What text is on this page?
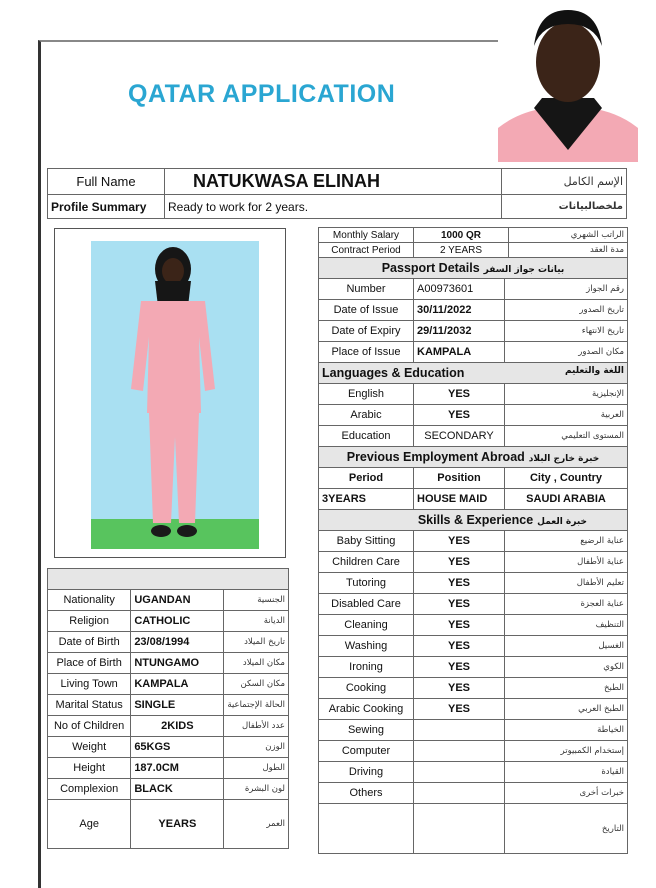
QATAR APPLICATION
Full Name	NATUKWASA ELINAH	الإسم الكامل
Profile Summary	Ready to work for 2 years.	ملخصالبيانات
Monthly Salary	1000 QR	الراتب الشهري
Contract Period	2 YEARS	مدة العقد
Passport Details بيانات جواز السفر		
Number	A00973601	رقم الجواز
Date of Issue	30/11/2022	تاريخ الصدور
Date of Expiry	29/11/2032	تاريخ الانتهاء
Place of Issue	KAMPALA	مكان الصدور
Languages & Education اللغة والتعليم		

English	YES	الإنجليزية
Arabic	YES	العربية
Education	SECONDARY	المستوى التعليمي
Previous Employment Abroad خبرة خارج البلاد		
Period	Position	City , Country
3YEARS	HOUSE MAID	SAUDI ARABIA
Skills & Experience خبرة العمل		
Baby Sitting	YES	عناية الرضيع
Children Care	YES	عناية الأطفال
Tutoring	YES	تعليم الأطفال
Disabled Care	YES	عناية العجزة
Cleaning	YES	التنظيف
Washing	YES	الغسيل
Ironing	YES	الكوي
Cooking	YES	الطبخ
Arabic Cooking	YES	الطبخ العربي
Sewing		الخياطة
Computer		إستخدام الكمبيوتر
Driving		القيادة
Others		خبرات أخرى
		التاريخ

Nationality	UGANDAN	الجنسية
Religion	CATHOLIC	الديانة
Date of Birth	23/08/1994	تاريخ الميلاد
Place of Birth	NTUNGAMO	مكان الميلاد
Living Town	KAMPALA	مكان السكن
Marital Status	SINGLE	الحالة الإجتماعية
No of Children	2KIDS	عدد الأطفال
Weight	65KGS	الوزن
Height	187.0CM	الطول
Complexion	BLACK	لون البشرة
Age	YEARS	العمر
